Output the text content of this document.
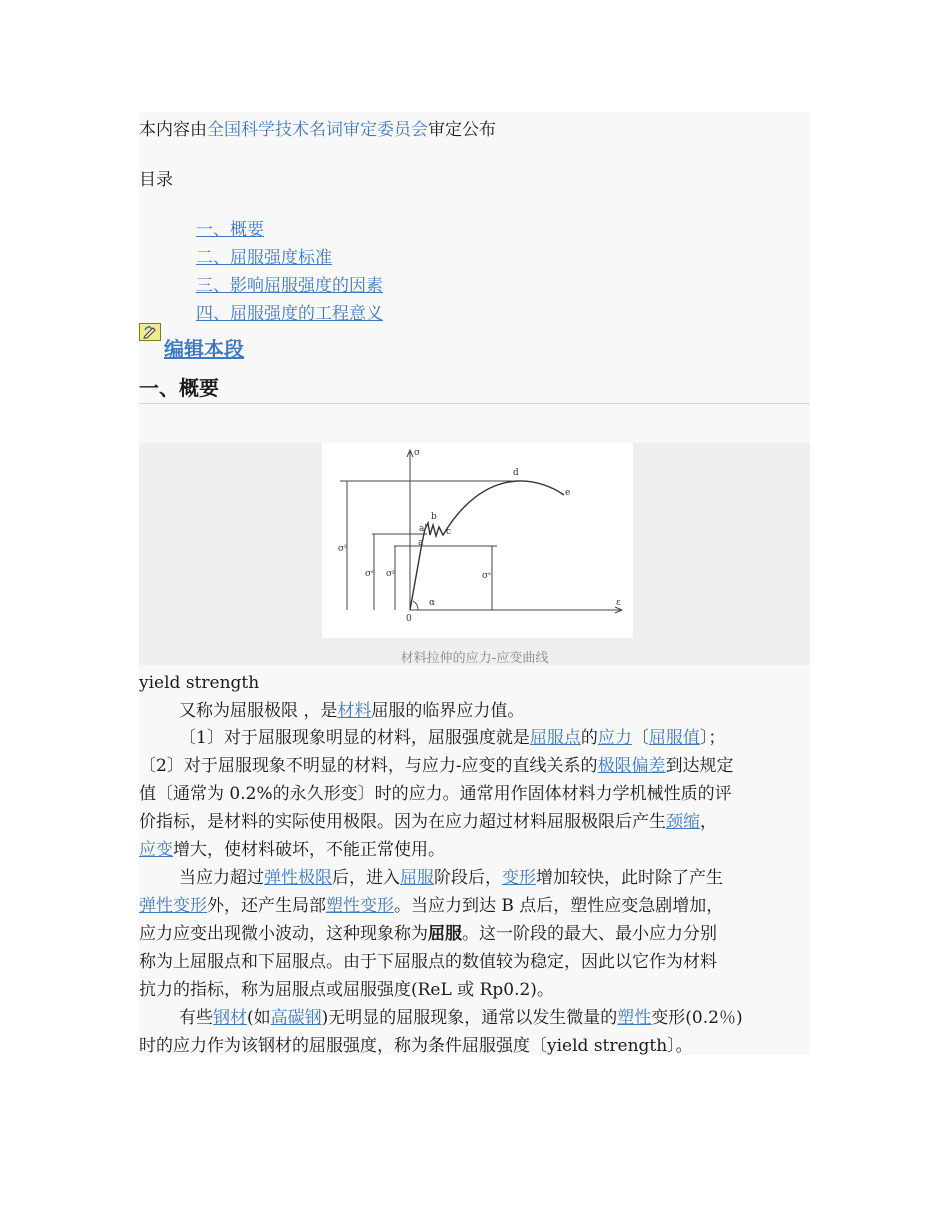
本内容由全国科学技术名词审定委员会审定公布
目录
一、概要
二、屈服强度标准
三、影响屈服强度的因素
四、屈服强度的工程意义
编辑本段
一、概要
σ
ε
0
α
a
a'
b
c
d
e
σᵇ
σᵉ σᵖ	σˢ
材料拉伸的应力-应变曲线
yield strength
又称为屈服极限 ，是材料屈服的临界应力值。
〔1〕对于屈服现象明显的材料，屈服强度就是屈服点的应力〔屈服值〕；
〔2〕对于屈服现象不明显的材料，与应力-应变的直线关系的极限偏差到达规定
值〔通常为 0.2%的永久形变〕时的应力。通常用作固体材料力学机械性质的评
价指标，是材料的实际使用极限。因为在应力超过材料屈服极限后产生颈缩，
应变增大，使材料破坏，不能正常使用。
当应力超过弹性极限后，进入屈服阶段后，变形增加较快，此时除了产生
弹性变形外，还产生局部塑性变形。当应力到达 B 点后，塑性应变急剧增加，
应力应变出现微小波动，这种现象称为屈服。这一阶段的最大、最小应力分别
称为上屈服点和下屈服点。由于下屈服点的数值较为稳定，因此以它作为材料
抗力的指标，称为屈服点或屈服强度(ReL 或 Rp0.2)。
有些钢材(如高碳钢)无明显的屈服现象，通常以发生微量的塑性变形(0.2％)
时的应力作为该钢材的屈服强度，称为条件屈服强度〔yield strength〕。
